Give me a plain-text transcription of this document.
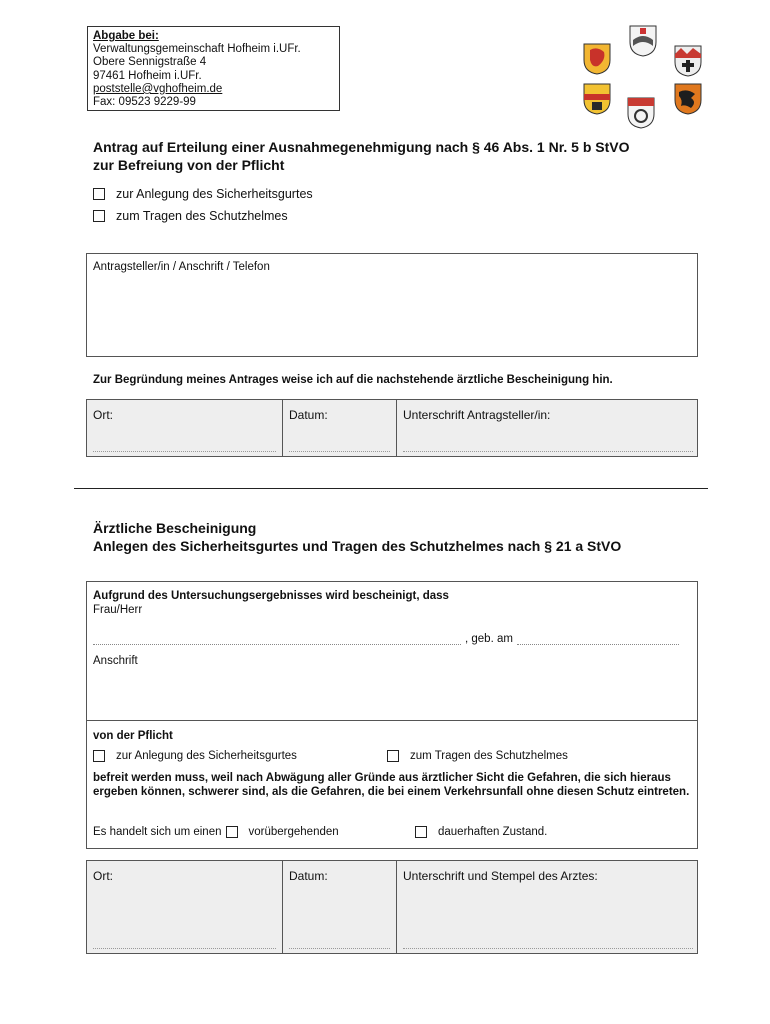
Abgabe bei:
Verwaltungsgemeinschaft Hofheim i.UFr.
Obere Sennigstraße 4
97461 Hofheim i.UFr.
poststelle@vghofheim.de
Fax: 09523 9229-99
Antrag auf Erteilung einer Ausnahmegenehmigung nach § 46 Abs. 1 Nr. 5 b StVO
zur Befreiung von der Pflicht
zur Anlegung des Sicherheitsgurtes
zum Tragen des Schutzhelmes
Antragsteller/in / Anschrift / Telefon
Zur Begründung meines Antrages weise ich auf die nachstehende ärztliche Bescheinigung hin.
Ort:	Datum:	Unterschrift Antragsteller/in:
Ärztliche Bescheinigung
Anlegen des Sicherheitsgurtes und Tragen des Schutzhelmes nach § 21 a StVO
Aufgrund des Untersuchungsergebnisses wird bescheinigt, dass
Frau/Herr
, geb. am
Anschrift
von der Pflicht
zur Anlegung des Sicherheitsgurtes	zum Tragen des Schutzhelmes
befreit werden muss, weil nach Abwägung aller Gründe aus ärztlicher Sicht die Gefahren, die sich hieraus ergeben können, schwerer sind, als die Gefahren, die bei einem Verkehrsunfall ohne diesen Schutz eintreten.
Es handelt sich um einen vorübergehenden	dauerhaften Zustand.
Ort:	Datum:	Unterschrift und Stempel des Arztes:
